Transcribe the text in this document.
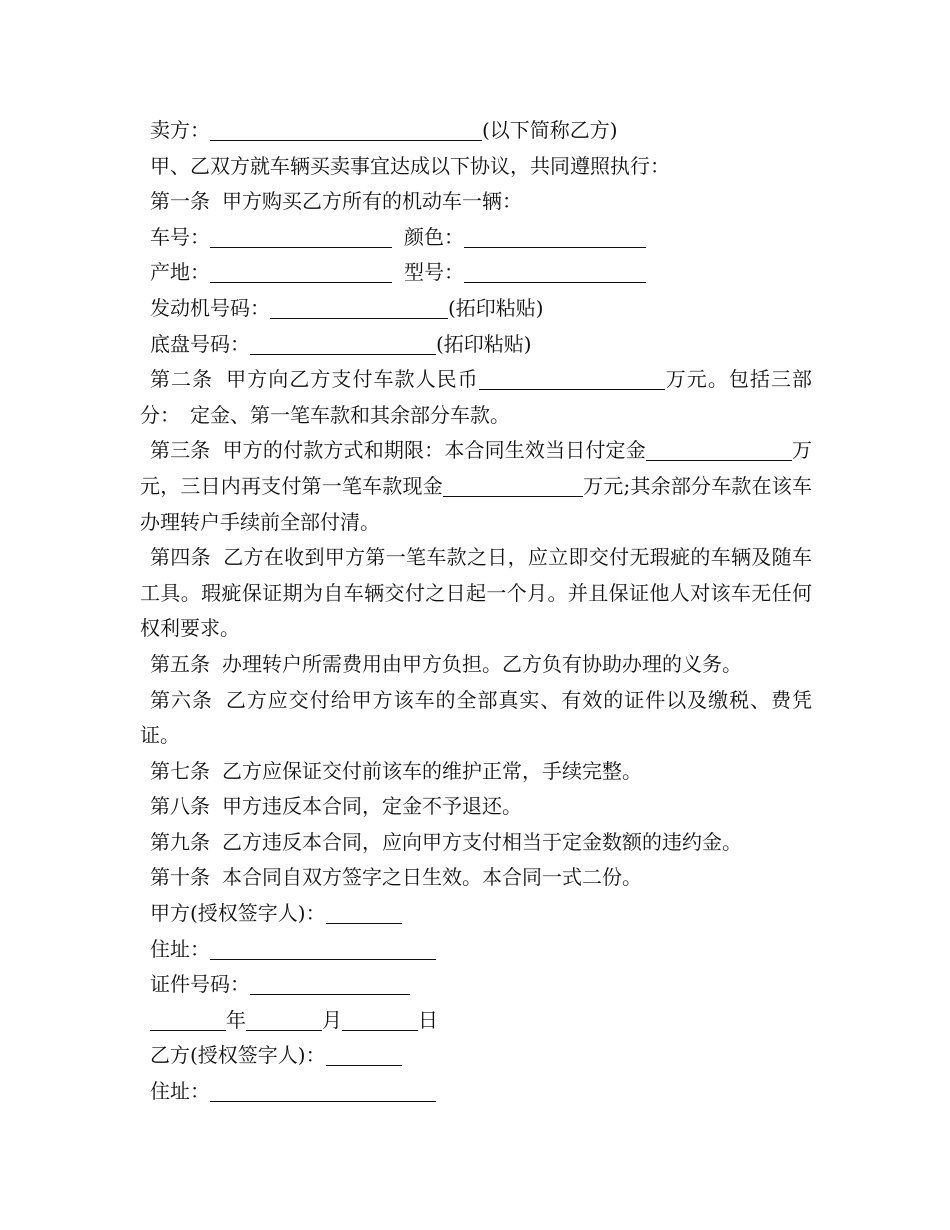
卖方：	(以下简称乙方)
甲、乙双方就车辆买卖事宜达成以下协议，共同遵照执行：
第一条 甲方购买乙方所有的机动车一辆：
车号：	颜色：
产地：	型号：
发动机号码：	(拓印粘贴)
底盘号码：	(拓印粘贴)
第二条 甲方向乙方支付车款人民币	万元。包括三部分：　定金、第一笔车款和其余部分车款。
第三条 甲方的付款方式和期限：本合同生效当日付定金	万元，三日内再支付第一笔车款现金	万元;其余部分车款在该车办理转户手续前全部付清。
第四条 乙方在收到甲方第一笔车款之日，应立即交付无瑕疵的车辆及随车工具。瑕疵保证期为自车辆交付之日起一个月。并且保证他人对该车无任何权利要求。
第五条 办理转户所需费用由甲方负担。乙方负有协助办理的义务。
第六条 乙方应交付给甲方该车的全部真实、有效的证件以及缴税、费凭证。
第七条 乙方应保证交付前该车的维护正常，手续完整。
第八条 甲方违反本合同，定金不予退还。
第九条 乙方违反本合同，应向甲方支付相当于定金数额的违约金。
第十条 本合同自双方签字之日生效。本合同一式二份。
甲方(授权签字人)：
住址：
证件号码：
年	月	日
乙方(授权签字人)：
住址：
